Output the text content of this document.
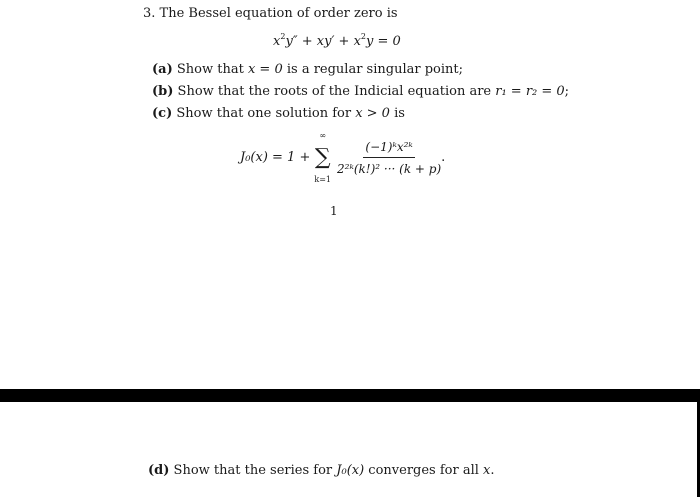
3. The Bessel equation of order zero is
$x^2y'' + xy' + x^2y = 0$
(a) Show that x = 0 is a regular singular point;
(b) Show that the roots of the Indicial equation are r₁ = r₂ = 0;
(c) Show that one solution for x > 0 is
J₀(x) = 1 +
∞
∑
k=1
$\frac{\text{(−1)ᵏx²ᵏ}}{\text{2²ᵏ(k!)² ··· (k + p)}}$ .
1
(d) Show that the series for J₀(x) converges for all x.
